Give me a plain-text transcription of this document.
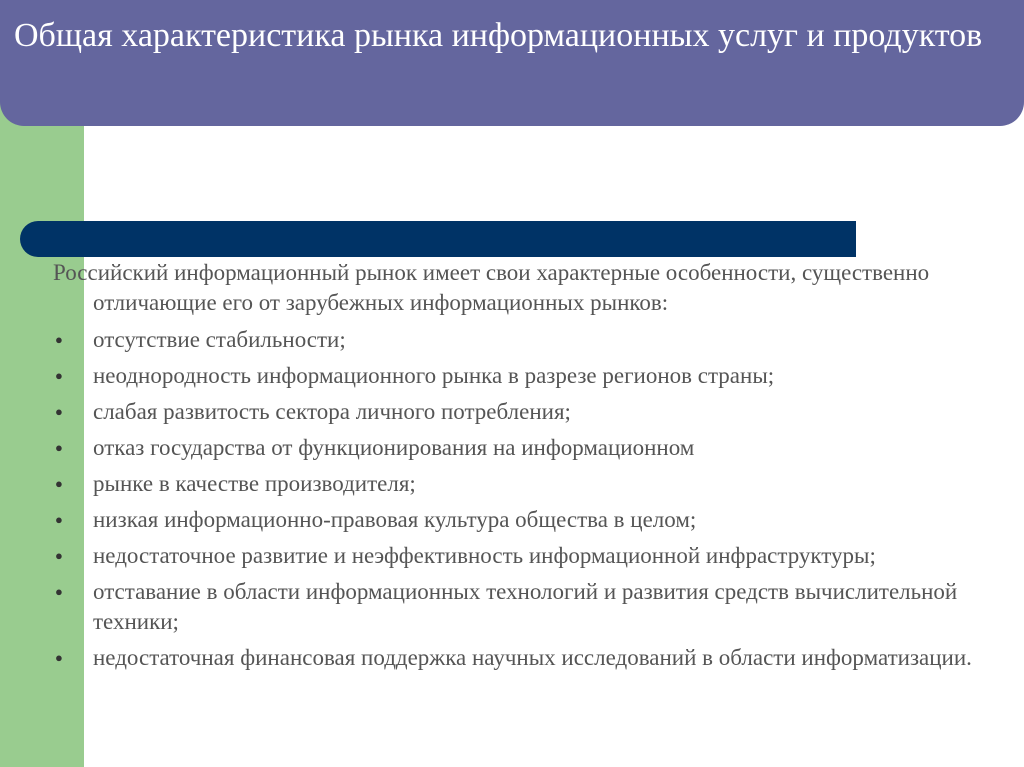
Общая характеристика рынка информационных услуг и продуктов

Российский информационный рынок имеет свои характерные особенности, существенно отличающие его от зарубежных информационных рынков:

●	отсутствие стабильности;
●	неоднородность информационного рынка в разрезе регионов страны;
●	слабая развитость сектора личного потребления;
●	отказ государства от функционирования на информационном
●	рынке в качестве производителя;
●	низкая информационно-правовая культура общества в целом;
●	недостаточное развитие и неэффективность информационной инфраструктуры;
●	отставание в области информационных технологий и развития средств вычислительной техники;
●	недостаточная финансовая поддержка научных исследований в области информатизации.
